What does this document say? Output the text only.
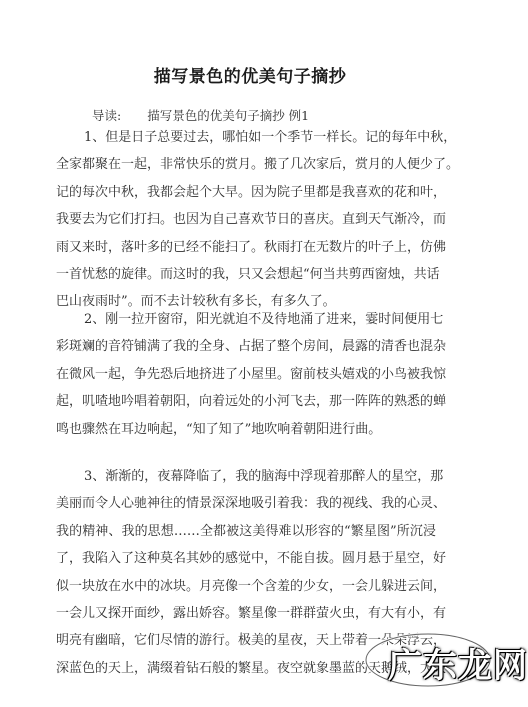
描写景色的优美句子摘抄
导读: 描写景色的优美句子摘抄 例1
1、但是日子总要过去，哪怕如一个季节一样长。记的每年中秋，
全家都聚在一起，非常快乐的赏月。搬了几次家后，赏月的人便少了。
记的每次中秋，我都会起个大早。因为院子里都是我喜欢的花和叶，
我要去为它们打扫。也因为自己喜欢节日的喜庆。直到天气渐冷，而
雨又来时，落叶多的已经不能扫了。秋雨打在无数片的叶子上，仿佛
一首忧愁的旋律。而这时的我，只又会想起“何当共剪西窗烛，共话
巴山夜雨时”。而不去计较秋有多长，有多久了。
2、刚一拉开窗帘，阳光就迫不及待地涌了进来，霎时间便用七
彩斑斓的音符铺满了我的全身、占据了整个房间，晨露的清香也混杂
在微风一起，争先恐后地挤进了小屋里。窗前枝头嬉戏的小鸟被我惊
起，叽喳地吟唱着朝阳，向着远处的小河飞去，那一阵阵的熟悉的蝉
鸣也骤然在耳边响起，“知了知了”地吹响着朝阳进行曲。
3、渐渐的，夜幕降临了，我的脑海中浮现着那醉人的星空，那
美丽而令人心驰神往的情景深深地吸引着我：我的视线、我的心灵、
我的精神、我的思想……全都被这美得难以形容的“繁星图”所沉浸
了，我陷入了这种莫名其妙的感觉中，不能自拔。圆月悬于星空，好
似一块放在水中的冰块。月亮像一个含羞的少女，一会儿躲进云间，
一会儿又探开面纱，露出娇容。繁星像一群群萤火虫，有大有小，有
明亮有幽暗，它们尽情的游行。极美的星夜，天上带着一朵朵浮云，
深蓝色的天上，满缀着钻石般的繁星。夜空就象墨蓝的天鹅绒，大大
广东龙网
